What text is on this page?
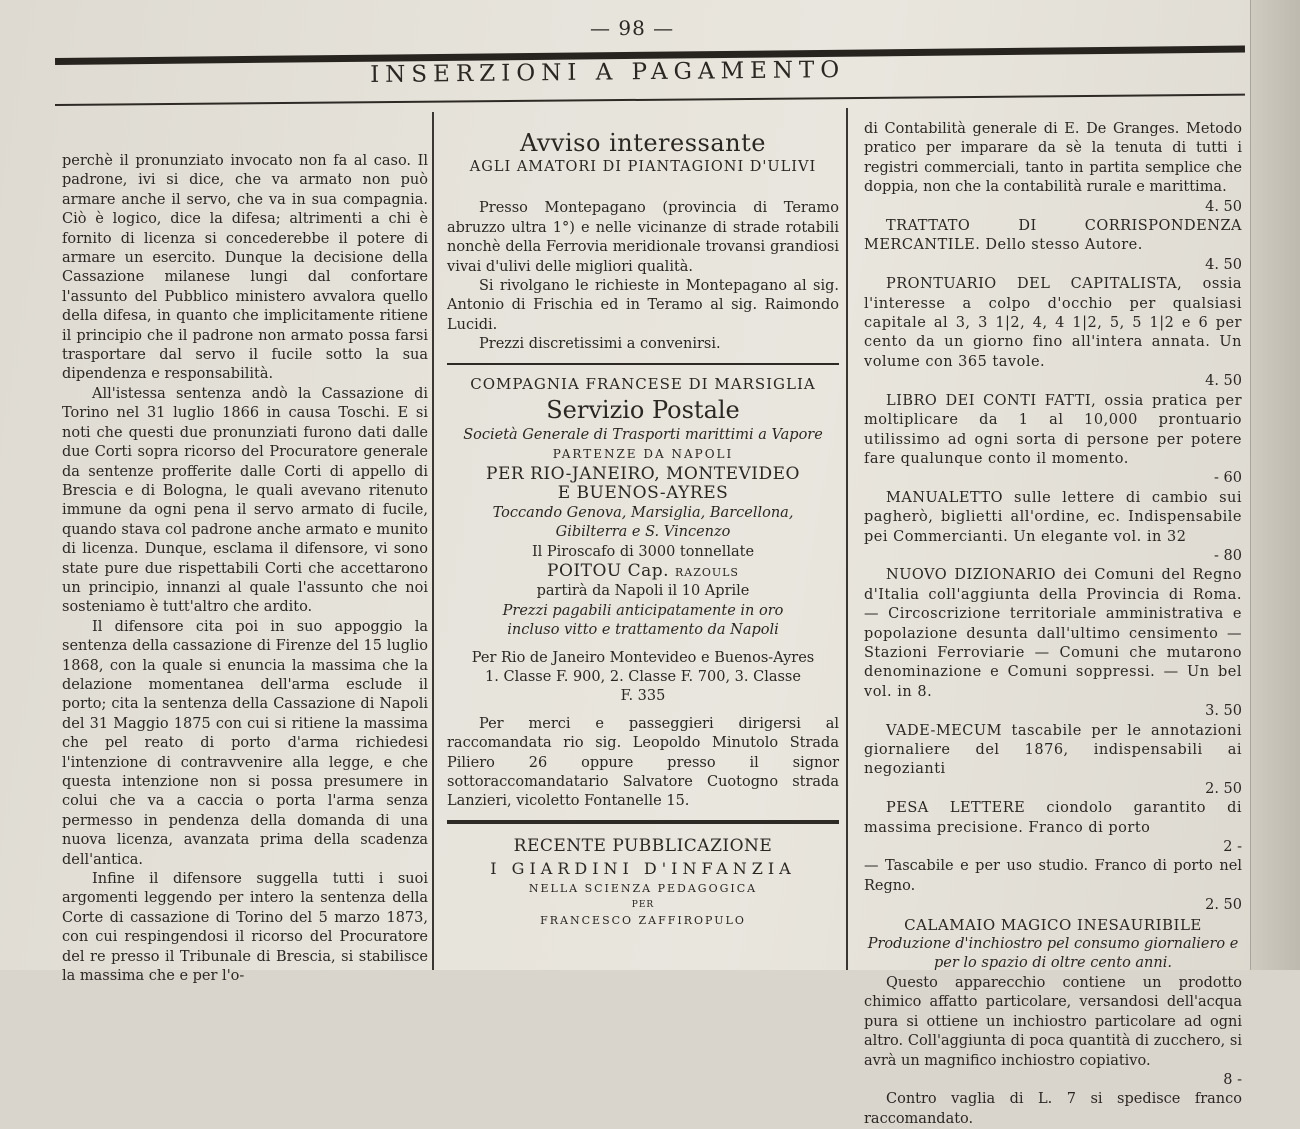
— 98 —
INSERZIONI A PAGAMENTO

perchè il pronunziato invocato non fa al caso. Il padrone, ivi si dice, che va armato non può armare anche il servo, che va in sua compagnia. Ciò è logico, dice la difesa; altrimenti a chi è fornito di licenza si concederebbe il potere di armare un esercito. Dunque la decisione della Cassazione milanese lungi dal confortare l'assunto del Pubblico ministero avvalora quello della difesa, in quanto che implicitamente ritiene il principio che il padrone non armato possa farsi trasportare dal servo il fucile sotto la sua dipendenza e responsabilità.

All'istessa sentenza andò la Cassazione di Torino nel 31 luglio 1866 in causa Toschi. E si noti che questi due pronunziati furono dati dalle due Corti sopra ricorso del Procuratore generale da sentenze profferite dalle Corti di appello di Brescia e di Bologna, le quali avevano ritenuto immune da ogni pena il servo armato di fucile, quando stava col padrone anche armato e munito di licenza. Dunque, esclama il difensore, vi sono state pure due rispettabili Corti che accettarono un principio, innanzi al quale l'assunto che noi sosteniamo è tutt'altro che ardito.

Il difensore cita poi in suo appoggio la sentenza della cassazione di Firenze del 15 luglio 1868, con la quale si enuncia la massima che la delazione momentanea dell'arma esclude il porto; cita la sentenza della Cassazione di Napoli del 31 Maggio 1875 con cui si ritiene la massima che pel reato di porto d'arma richiedesi l'intenzione di contravvenire alla legge, e che questa intenzione non si possa presumere in colui che va a caccia o porta l'arma senza permesso in pendenza della domanda di una nuova licenza, avanzata prima della scadenza dell'antica.

Infine il difensore suggella tutti i suoi argomenti leggendo per intero la sentenza della Corte di cassazione di Torino del 5 marzo 1873, con cui respingendosi il ricorso del Procuratore del re presso il Tribunale di Brescia, si stabilisce la massima che e per l'o-

Avviso interessante
AGLI AMATORI DI PIANTAGIONI D'ULIVI

Presso Montepagano (provincia di Teramo abruzzo ultra 1°) e nelle vicinanze di strade rotabili nonchè della Ferrovia meridionale trovansi grandiosi vivai d'ulivi delle migliori qualità.

Si rivolgano le richieste in Montepagano al sig. Antonio di Frischia ed in Teramo al sig. Raimondo Lucidi.

Prezzi discretissimi a convenirsi.

COMPAGNIA FRANCESE DI MARSIGLIA
Servizio Postale
Società Generale di Trasporti marittimi a Vapore
PARTENZE DA NAPOLI
PER RIO-JANEIRO, MONTEVIDEO
E BUENOS-AYRES
Toccando Genova, Marsiglia, Barcellona,
Gibilterra e S. Vincenzo
Il Piroscafo di 3000 tonnellate
POITOU Cap. RAZOULS
partirà da Napoli il 10 Aprile
Prezzi pagabili anticipatamente in oro
incluso vitto e trattamento da Napoli
Per Rio de Janeiro Montevideo e Buenos-Ayres
1. Classe F. 900, 2. Classe F. 700, 3. Classe
F. 335

Per merci e passeggieri dirigersi al raccomandata rio sig. Leopoldo Minutolo Strada Piliero 26 oppure presso il signor sottoraccomandatario Salvatore Cuotogno strada Lanzieri, vicoletto Fontanelle 15.

RECENTE PUBBLICAZIONE
I GIARDINI D'INFANZIA
NELLA SCIENZA PEDAGOGICA
PER
FRANCESCO ZAFFIROPULO

di Contabilità generale di E. De Granges. Metodo pratico per imparare da sè la tenuta di tutti i registri commerciali, tanto in partita semplice che doppia, non che la contabilità rurale e marittima.

4. 50

TRATTATO DI CORRISPONDENZA MERCANTILE. Dello stesso Autore.

4. 50

PRONTUARIO DEL CAPITALISTA, ossia l'interesse a colpo d'occhio per qualsiasi capitale al 3, 3 1|2, 4, 4 1|2, 5, 5 1|2 e 6 per cento da un giorno fino all'intera annata. Un volume con 365 tavole.

4. 50

LIBRO DEI CONTI FATTI, ossia pratica per moltiplicare da 1 al 10,000 prontuario utilissimo ad ogni sorta di persone per potere fare qualunque conto il momento.

- 60

MANUALETTO sulle lettere di cambio sui pagherò, biglietti all'ordine, ec. Indispensabile pei Commercianti. Un elegante vol. in 32

- 80

NUOVO DIZIONARIO dei Comuni del Regno d'Italia coll'aggiunta della Provincia di Roma. — Circoscrizione territoriale amministrativa e popolazione desunta dall'ultimo censimento — Stazioni Ferroviarie — Comuni che mutarono denominazione e Comuni soppressi. — Un bel vol. in 8.

3. 50

VADE-MECUM tascabile per le annotazioni giornaliere del 1876, indispensabili ai negozianti

2. 50

PESA LETTERE ciondolo garantito di massima precisione. Franco di porto

2 -

— Tascabile e per uso studio. Franco di porto nel Regno.

2. 50
CALAMAIO MAGICO INESAURIBILE
Produzione d'inchiostro pel consumo giornaliero e per lo spazio di oltre cento anni.

Questo apparecchio contiene un prodotto chimico affatto particolare, versandosi dell'acqua pura si ottiene un inchiostro particolare ad ogni altro. Coll'aggiunta di poca quantità di zucchero, si avrà un magnifico inchiostro copiativo.

8 -

Contro vaglia di L. 7 si spedisce franco raccomandato.
